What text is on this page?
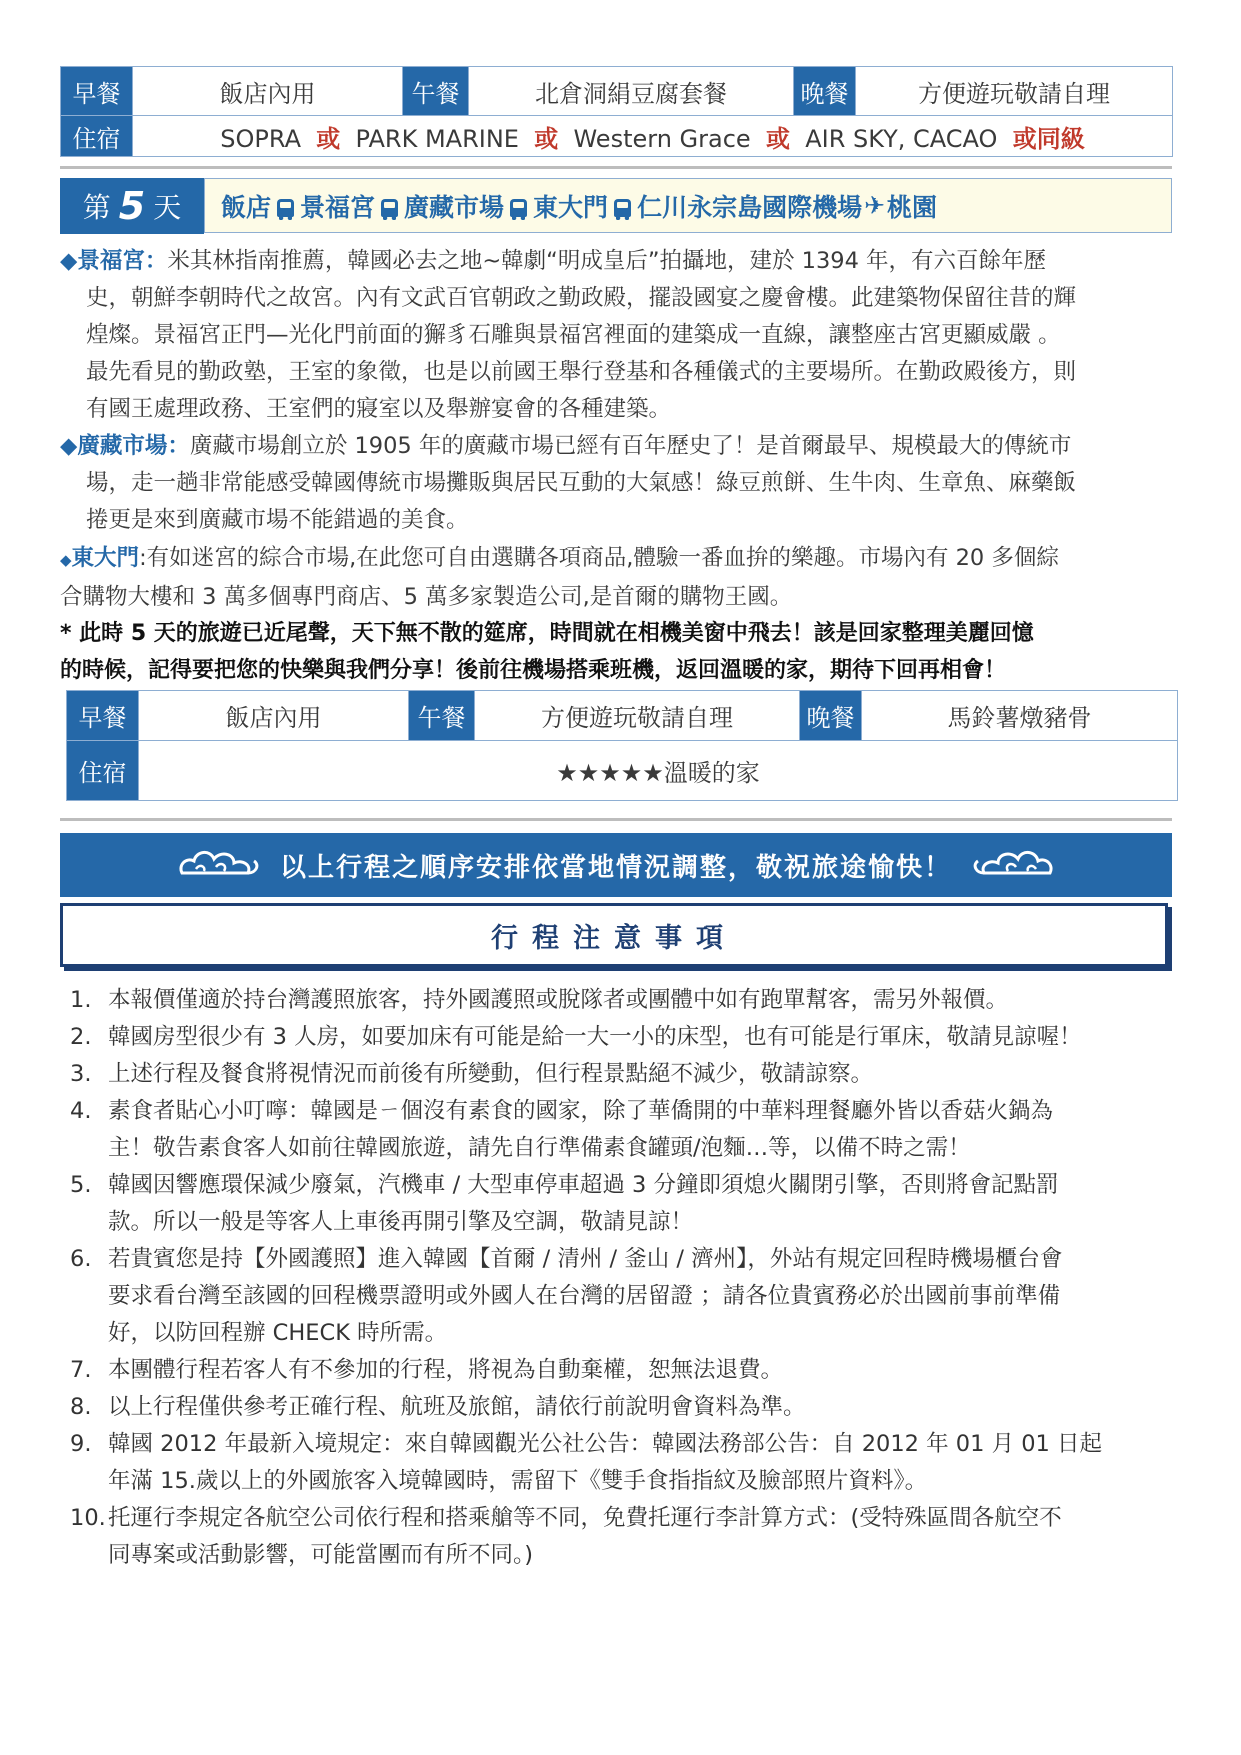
早餐	飯店內用	午餐	北倉洞絹豆腐套餐	晚餐	方便遊玩敬請自理
住宿	SOPRA 或 PARK MARINE 或 Western Grace 或 AIR SKY, CACAO 或同級				
第 5 天 飯店 景福宮 廣藏市場 東大門 仁川永宗島國際機場 ✈ 桃園
◆景福宮：米其林指南推薦，韓國必去之地~韓劇“明成皇后”拍攝地，建於 1394 年，有六百餘年歷
史，朝鮮李朝時代之故宮。內有文武百官朝政之勤政殿，擺設國宴之慶會樓。此建築物保留往昔的輝
煌燦。景福宮正門—光化門前面的獬豸石雕與景福宮裡面的建築成一直線，讓整座古宮更顯威嚴 。
最先看見的勤政塾，王室的象徵，也是以前國王舉行登基和各種儀式的主要場所。在勤政殿後方，則
有國王處理政務、王室們的寢室以及舉辦宴會的各種建築。
◆廣藏市場：廣藏市場創立於 1905 年的廣藏市場已經有百年歷史了！是首爾最早、規模最大的傳統市
場，走一趟非常能感受韓國傳統市場攤販與居民互動的大氣感！綠豆煎餅、生牛肉、生章魚、麻藥飯
捲更是來到廣藏市場不能錯過的美食。
◆東大門:有如迷宮的綜合市場,在此您可自由選購各項商品,體驗一番血拚的樂趣。市場內有 20 多個綜
合購物大樓和 3 萬多個專門商店、5 萬多家製造公司,是首爾的購物王國。
* 此時 5 天的旅遊已近尾聲，天下無不散的筵席，時間就在相機美窗中飛去！該是回家整理美麗回憶
的時候，記得要把您的快樂與我們分享！後前往機場搭乘班機，返回溫暖的家，期待下回再相會！
早餐	飯店內用	午餐	方便遊玩敬請自理	晚餐	馬鈴薯燉豬骨
住宿	★★★★★溫暖的家				
以上行程之順序安排依當地情況調整，敬祝旅途愉快！
行程注意事項
1. 本報價僅適於持台灣護照旅客，持外國護照或脫隊者或團體中如有跑單幫客，需另外報價。
2. 韓國房型很少有 3 人房，如要加床有可能是給一大一小的床型，也有可能是行軍床，敬請見諒喔！
3. 上述行程及餐食將視情況而前後有所變動，但行程景點絕不減少，敬請諒察。
4. 素食者貼心小叮嚀：韓國是ㄧ個沒有素食的國家，除了華僑開的中華料理餐廳外皆以香菇火鍋為
主！敬告素食客人如前往韓國旅遊，請先自行準備素食罐頭/泡麵…等，以備不時之需！
5. 韓國因響應環保減少廢氣，汽機車 / 大型車停車超過 3 分鐘即須熄火關閉引擎，否則將會記點罰
款。所以一般是等客人上車後再開引擎及空調，敬請見諒！
6. 若貴賓您是持【外國護照】進入韓國【首爾 / 清州 / 釜山 / 濟州】，外站有規定回程時機場櫃台會
要求看台灣至該國的回程機票證明或外國人在台灣的居留證 ；請各位貴賓務必於出國前事前準備
好，以防回程辦 CHECK 時所需。
7. 本團體行程若客人有不參加的行程，將視為自動棄權，恕無法退費。
8. 以上行程僅供參考正確行程、航班及旅館，請依行前說明會資料為準。
9. 韓國 2012 年最新入境規定：來自韓國觀光公社公告：韓國法務部公告：自 2012 年 01 月 01 日起
年滿 15.歲以上的外國旅客入境韓國時，需留下《雙手食指指紋及臉部照片資料》。
10. 托運行李規定各航空公司依行程和搭乘艙等不同，免費托運行李計算方式：(受特殊區間各航空不
同專案或活動影響，可能當團而有所不同。)
